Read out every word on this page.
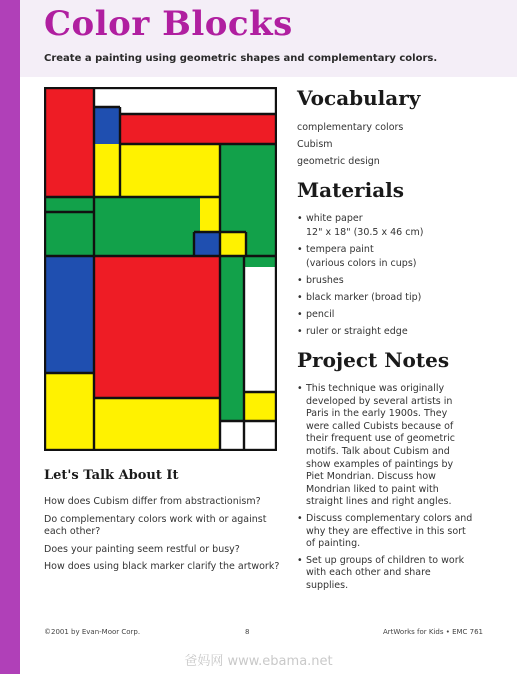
Color Blocks

Create a painting using geometric shapes and complementary colors.

Vocabulary
complementary colors
Cubism
geometric design
Materials
• white paper
12" x 18" (30.5 x 46 cm)
• tempera paint
(various colors in cups)
• brushes
• black marker (broad tip)
• pencil
• ruler or straight edge
Project Notes
• This technique was originally developed by several artists in Paris in the early 1900s. They were called Cubists because of their frequent use of geometric motifs. Talk about Cubism and show examples of paintings by Piet Mondrian. Discuss how Mondrian liked to paint with straight lines and right angles.
• Discuss complementary colors and why they are effective in this sort of painting.
• Set up groups of children to work with each other and share supplies.
Let's Talk About It
How does Cubism differ from abstractionism?
Do complementary colors work with or against each other?
Does your painting seem restful or busy?
How does using black marker clarify the artwork?

©2001 by Evan-Moor Corp.	8	ArtWorks for Kids • EMC 761

爸妈网 www.ebama.net
